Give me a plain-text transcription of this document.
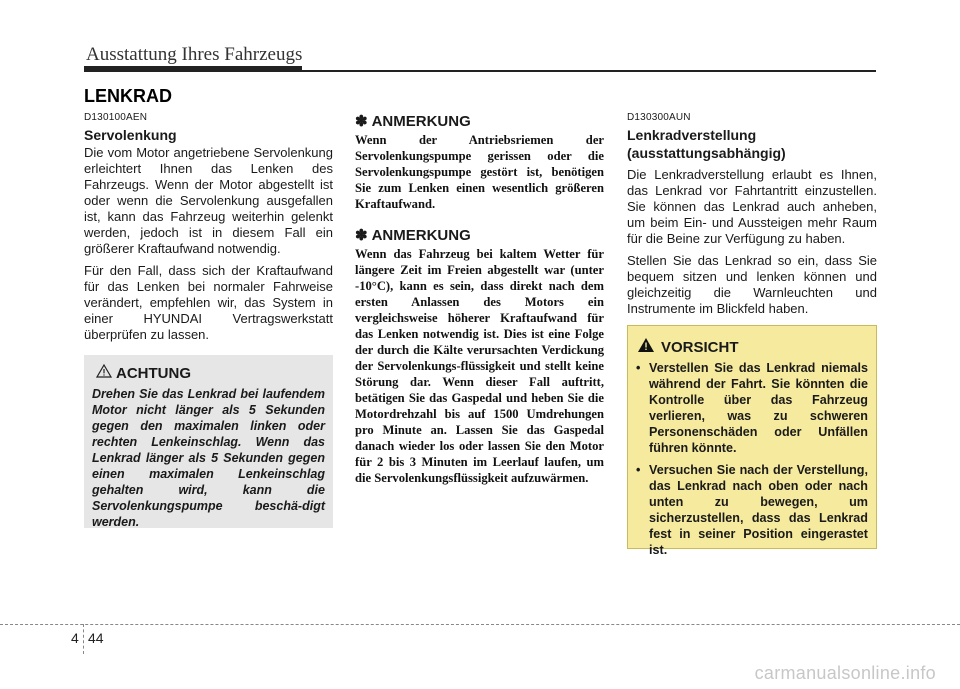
Ausstattung Ihres Fahrzeugs
LENKRAD
D130100AEN
Servolenkung

Die vom Motor angetriebene Servolenkung erleichtert Ihnen das Lenken des Fahrzeugs. Wenn der Motor abgestellt ist oder wenn die Servolenkung ausgefallen ist, kann das Fahrzeug weiterhin gelenkt werden, jedoch ist in diesem Fall ein größerer Kraftaufwand notwendig.

Für den Fall, dass sich der Kraftaufwand für das Lenken bei normaler Fahrweise verändert, empfehlen wir, das System in einer HYUNDAI Vertragswerkstatt überprüfen zu lassen.

ACHTUNG
Drehen Sie das Lenkrad bei laufendem Motor nicht länger als 5 Sekunden gegen den maximalen linken oder rechten Lenkeinschlag. Wenn das Lenkrad länger als 5 Sekunden gegen einen maximalen Lenkeinschlag gehalten wird, kann die Servolenkungspumpe beschä-digt werden.
✽ ANMERKUNG

Wenn der Antriebsriemen der Servolenkungspumpe gerissen oder die Servolenkungspumpe gestört ist, benötigen Sie zum Lenken einen wesentlich größeren Kraftaufwand.

✽ ANMERKUNG

Wenn das Fahrzeug bei kaltem Wetter für längere Zeit im Freien abgestellt war (unter -10°C), kann es sein, dass direkt nach dem ersten Anlassen des Motors ein vergleichsweise höherer Kraftaufwand für das Lenken notwendig ist. Dies ist eine Folge der durch die Kälte verursachten Verdickung der Servolenkungs-flüssigkeit und stellt keine Störung dar. Wenn dieser Fall auftritt, betätigen Sie das Gaspedal und heben Sie die Motordrehzahl bis auf 1500 Umdrehungen pro Minute an. Lassen Sie das Gaspedal danach wieder los oder lassen Sie den Motor für 2 bis 3 Minuten im Leerlauf laufen, um die Servolenkungsflüssigkeit aufzuwärmen.

D130300AUN
Lenkradverstellung
(ausstattungsabhängig)

Die Lenkradverstellung erlaubt es Ihnen, das Lenkrad vor Fahrtantritt einzustellen. Sie können das Lenkrad auch anheben, um beim Ein- und Aussteigen mehr Raum für die Beine zur Verfügung zu haben.

Stellen Sie das Lenkrad so ein, dass Sie bequem sitzen und lenken können und gleichzeitig die Warnleuchten und Instrumente im Blickfeld haben.

VORSICHT
• Verstellen Sie das Lenkrad niemals während der Fahrt. Sie könnten die Kontrolle über das Fahrzeug verlieren, was zu schweren Personenschäden oder Unfällen führen könnte.
• Versuchen Sie nach der Verstellung, das Lenkrad nach oben oder nach unten zu bewegen, um sicherzustellen, dass das Lenkrad fest in seiner Position eingerastet ist.
4 44
carmanualsonline.info
